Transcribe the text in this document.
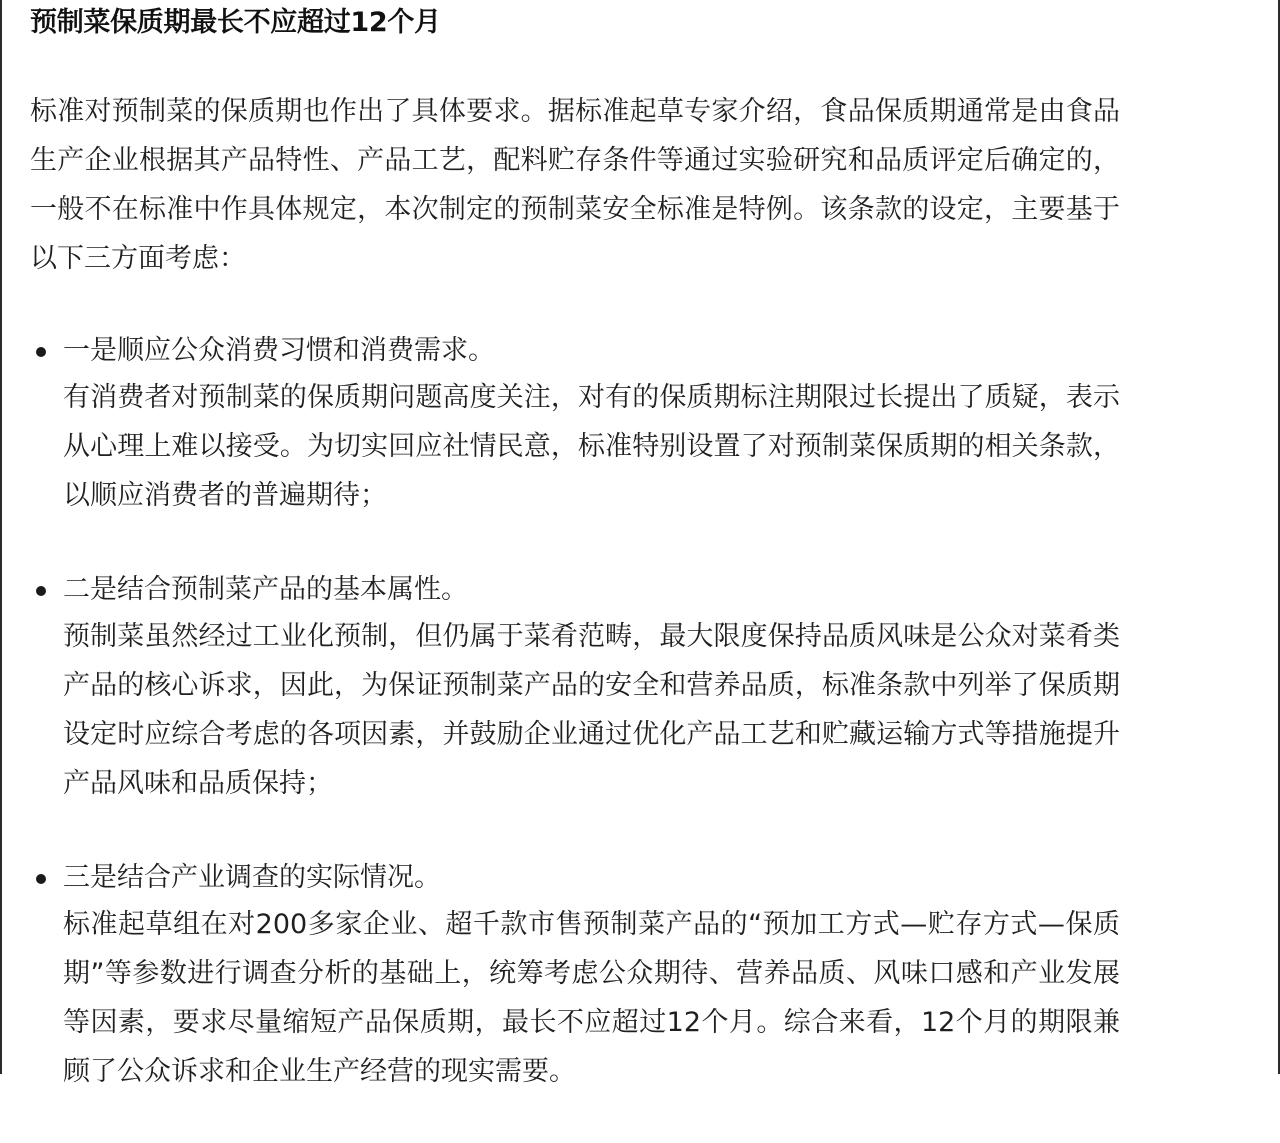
预制菜保质期最长不应超过12个月

标准对预制菜的保质期也作出了具体要求。据标准起草专家介绍，食品保质期通常是由食品生产企业根据其产品特性、产品工艺，配料贮存条件等通过实验研究和品质评定后确定的，一般不在标准中作具体规定，本次制定的预制菜安全标准是特例。该条款的设定，主要基于以下三方面考虑：

一是顺应公众消费习惯和消费需求。
有消费者对预制菜的保质期问题高度关注，对有的保质期标注期限过长提出了质疑，表示从心理上难以接受。为切实回应社情民意，标准特别设置了对预制菜保质期的相关条款，以顺应消费者的普遍期待；
二是结合预制菜产品的基本属性。
预制菜虽然经过工业化预制，但仍属于菜肴范畴，最大限度保持品质风味是公众对菜肴类产品的核心诉求，因此，为保证预制菜产品的安全和营养品质，标准条款中列举了保质期设定时应综合考虑的各项因素，并鼓励企业通过优化产品工艺和贮藏运输方式等措施提升产品风味和品质保持；
三是结合产业调查的实际情况。
标准起草组在对200多家企业、超千款市售预制菜产品的“预加工方式—贮存方式—保质期”等参数进行调查分析的基础上，统筹考虑公众期待、营养品质、风味口感和产业发展等因素，要求尽量缩短产品保质期，最长不应超过12个月。综合来看，12个月的期限兼顾了公众诉求和企业生产经营的现实需要。
